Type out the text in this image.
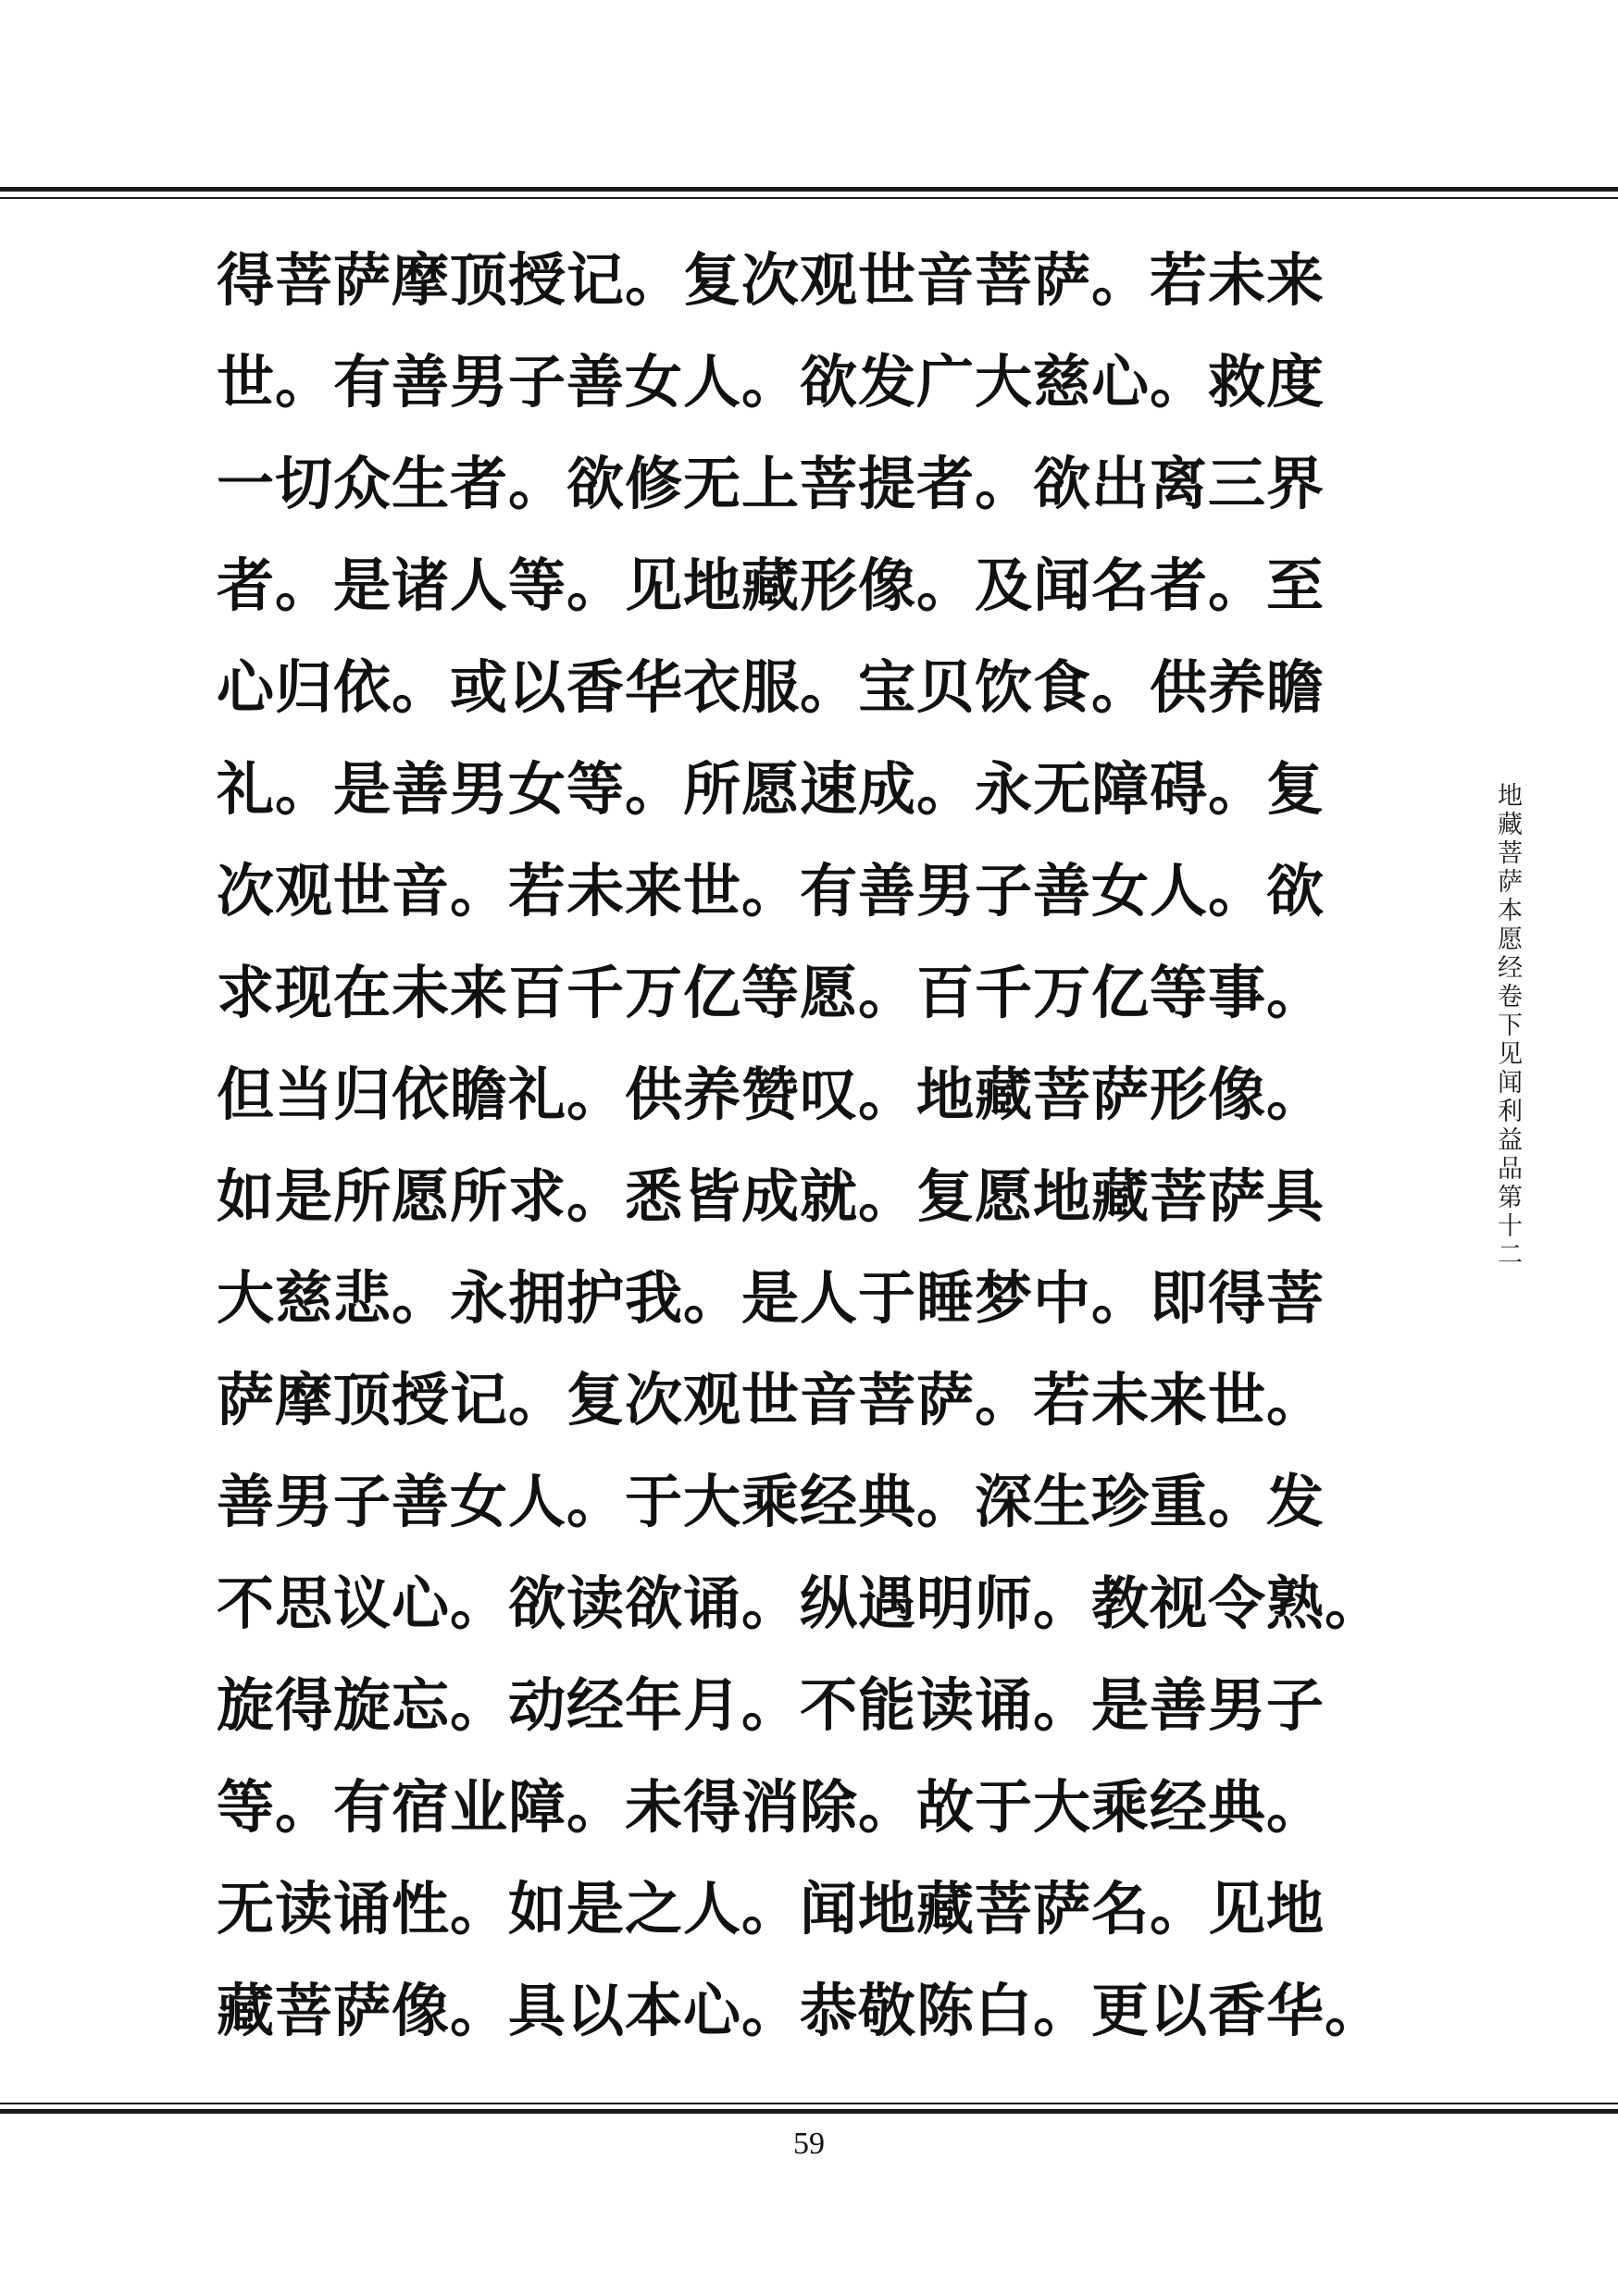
得菩萨摩顶授记。复次观世音菩萨。若未来
世。有善男子善女人。欲发广大慈心。救度
一切众生者。欲修无上菩提者。欲出离三界
者。是诸人等。见地藏形像。及闻名者。至
心归依。或以香华衣服。宝贝饮食。供养瞻
礼。是善男女等。所愿速成。永无障碍。复
次观世音。若未来世。有善男子善女人。欲
求现在未来百千万亿等愿。百千万亿等事。
但当归依瞻礼。供养赞叹。地藏菩萨形像。
如是所愿所求。悉皆成就。复愿地藏菩萨具
大慈悲。永拥护我。是人于睡梦中。即得菩
萨摩顶授记。复次观世音菩萨。若未来世。
善男子善女人。于大乘经典。深生珍重。发
不思议心。欲读欲诵。纵遇明师。教视令熟。
旋得旋忘。动经年月。不能读诵。是善男子
等。有宿业障。未得消除。故于大乘经典。
无读诵性。如是之人。闻地藏菩萨名。见地
藏菩萨像。具以本心。恭敬陈白。更以香华。
地藏菩萨本愿经卷下见闻利益品第十二
59
